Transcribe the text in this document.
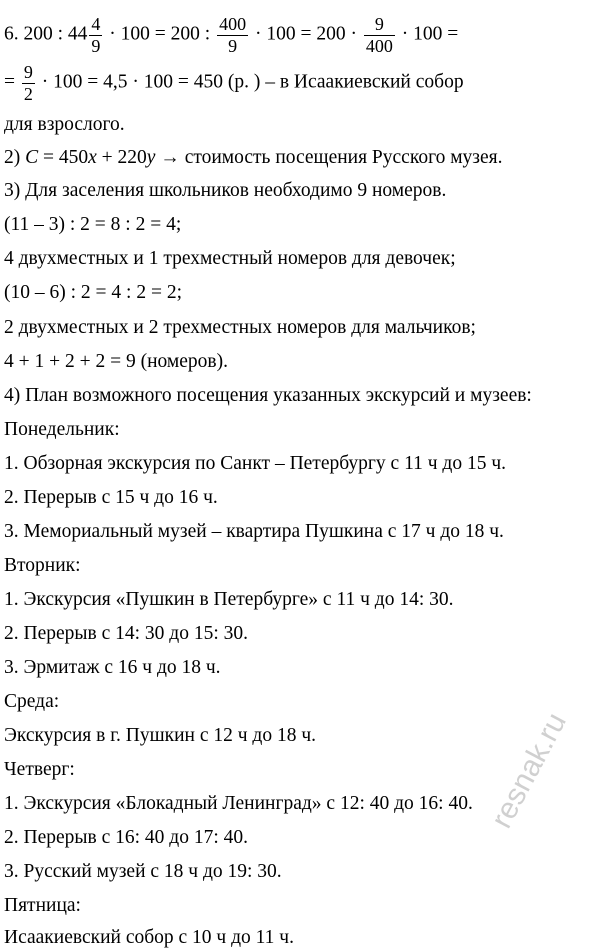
6. 200 : $44 \frac{4}{9} \cdot 100 = 200$ : $\frac{400}{9} \cdot 100 = 200 \cdot \frac{9}{400} \cdot 100$ =
= $\frac{9}{2} \cdot 100 = 4,5 \cdot 100 = 450$ (р. ) – в Исаакиевский собор
для взрослого.
2) C = 450x + 220y → стоимость посещения Русского музея.
3) Для заселения школьников необходимо 9 номеров.
(11 – 3) : 2 = 8 : 2 = 4;
4 двухместных и 1 трехместный номеров для девочек;
(10 – 6) : 2 = 4 : 2 = 2;
2 двухместных и 2 трехместных номеров для мальчиков;
4 + 1 + 2 + 2 = 9 (номеров).
4) План возможного посещения указанных экскурсий и музеев:
Понедельник:
1. Обзорная экскурсия по Санкт – Петербургу с 11 ч до 15 ч.
2. Перерыв с 15 ч до 16 ч.
3. Мемориальный музей – квартира Пушкина с 17 ч до 18 ч.
Вторник:
1. Экскурсия «Пушкин в Петербурге» с 11 ч до 14: 30.
2. Перерыв с 14: 30 до 15: 30.
3. Эрмитаж с 16 ч до 18 ч.
Среда:
Экскурсия в г. Пушкин с 12 ч до 18 ч.
Четверг:
1. Экскурсия «Блокадный Ленинград» с 12: 40 до 16: 40.
2. Перерыв с 16: 40 до 17: 40.
3. Русский музей с 18 ч до 19: 30.
Пятница:
Исаакиевский собор с 10 ч до 11 ч.
resnak.ru
